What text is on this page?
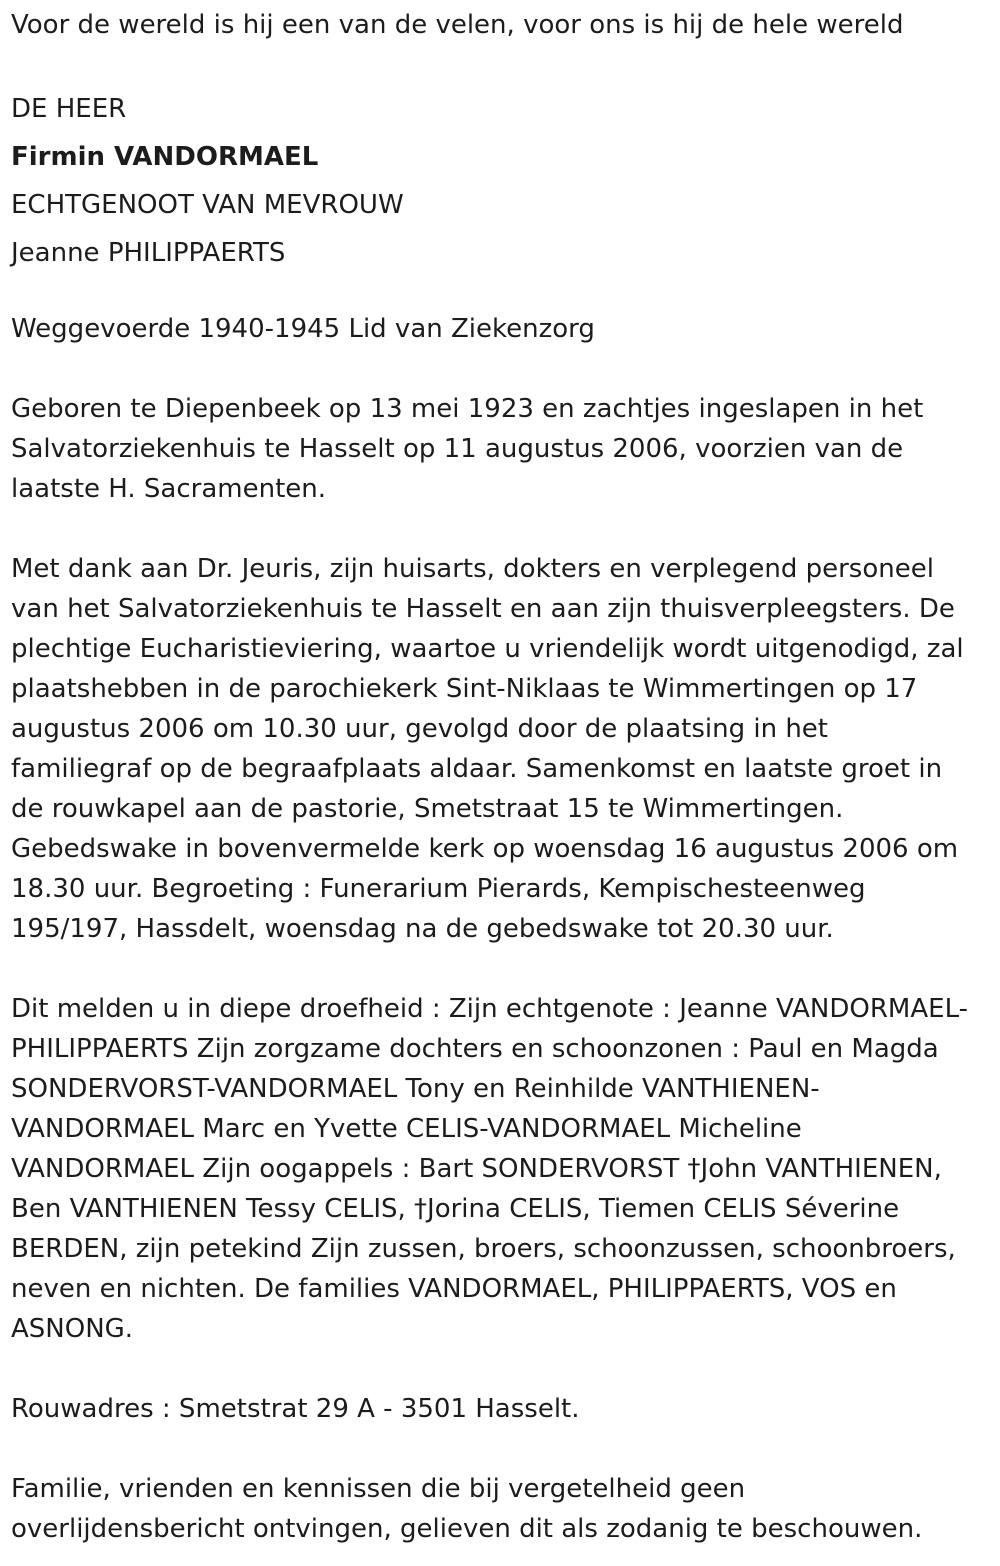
Voor de wereld is hij een van de velen, voor ons is hij de hele wereld

DE HEER

Firmin VANDORMAEL

ECHTGENOOT VAN MEVROUW

Jeanne PHILIPPAERTS

Weggevoerde 1940-1945 Lid van Ziekenzorg

Geboren te Diepenbeek op 13 mei 1923 en zachtjes ingeslapen in het
Salvatorziekenhuis te Hasselt op 11 augustus 2006, voorzien van de
laatste H. Sacramenten.
Met dank aan Dr. Jeuris, zijn huisarts, dokters en verplegend personeel
van het Salvatorziekenhuis te Hasselt en aan zijn thuisverpleegsters. De
plechtige Eucharistieviering, waartoe u vriendelijk wordt uitgenodigd, zal
plaatshebben in de parochiekerk Sint-Niklaas te Wimmertingen op 17
augustus 2006 om 10.30 uur, gevolgd door de plaatsing in het
familiegraf op de begraafplaats aldaar. Samenkomst en laatste groet in
de rouwkapel aan de pastorie, Smetstraat 15 te Wimmertingen.
Gebedswake in bovenvermelde kerk op woensdag 16 augustus 2006 om
18.30 uur. Begroeting : Funerarium Pierards, Kempischesteenweg
195/197, Hassdelt, woensdag na de gebedswake tot 20.30 uur.
Dit melden u in diepe droefheid : Zijn echtgenote : Jeanne VANDORMAEL-
PHILIPPAERTS Zijn zorgzame dochters en schoonzonen : Paul en Magda
SONDERVORST-VANDORMAEL Tony en Reinhilde VANTHIENEN-
VANDORMAEL Marc en Yvette CELIS-VANDORMAEL Micheline
VANDORMAEL Zijn oogappels : Bart SONDERVORST †John VANTHIENEN,
Ben VANTHIENEN Tessy CELIS, †Jorina CELIS, Tiemen CELIS Séverine
BERDEN, zijn petekind Zijn zussen, broers, schoonzussen, schoonbroers,
neven en nichten. De families VANDORMAEL, PHILIPPAERTS, VOS en
ASNONG.

Rouwadres : Smetstrat 29 A - 3501 Hasselt.

Familie, vrienden en kennissen die bij vergetelheid geen
overlijdensbericht ontvingen, gelieven dit als zodanig te beschouwen.
